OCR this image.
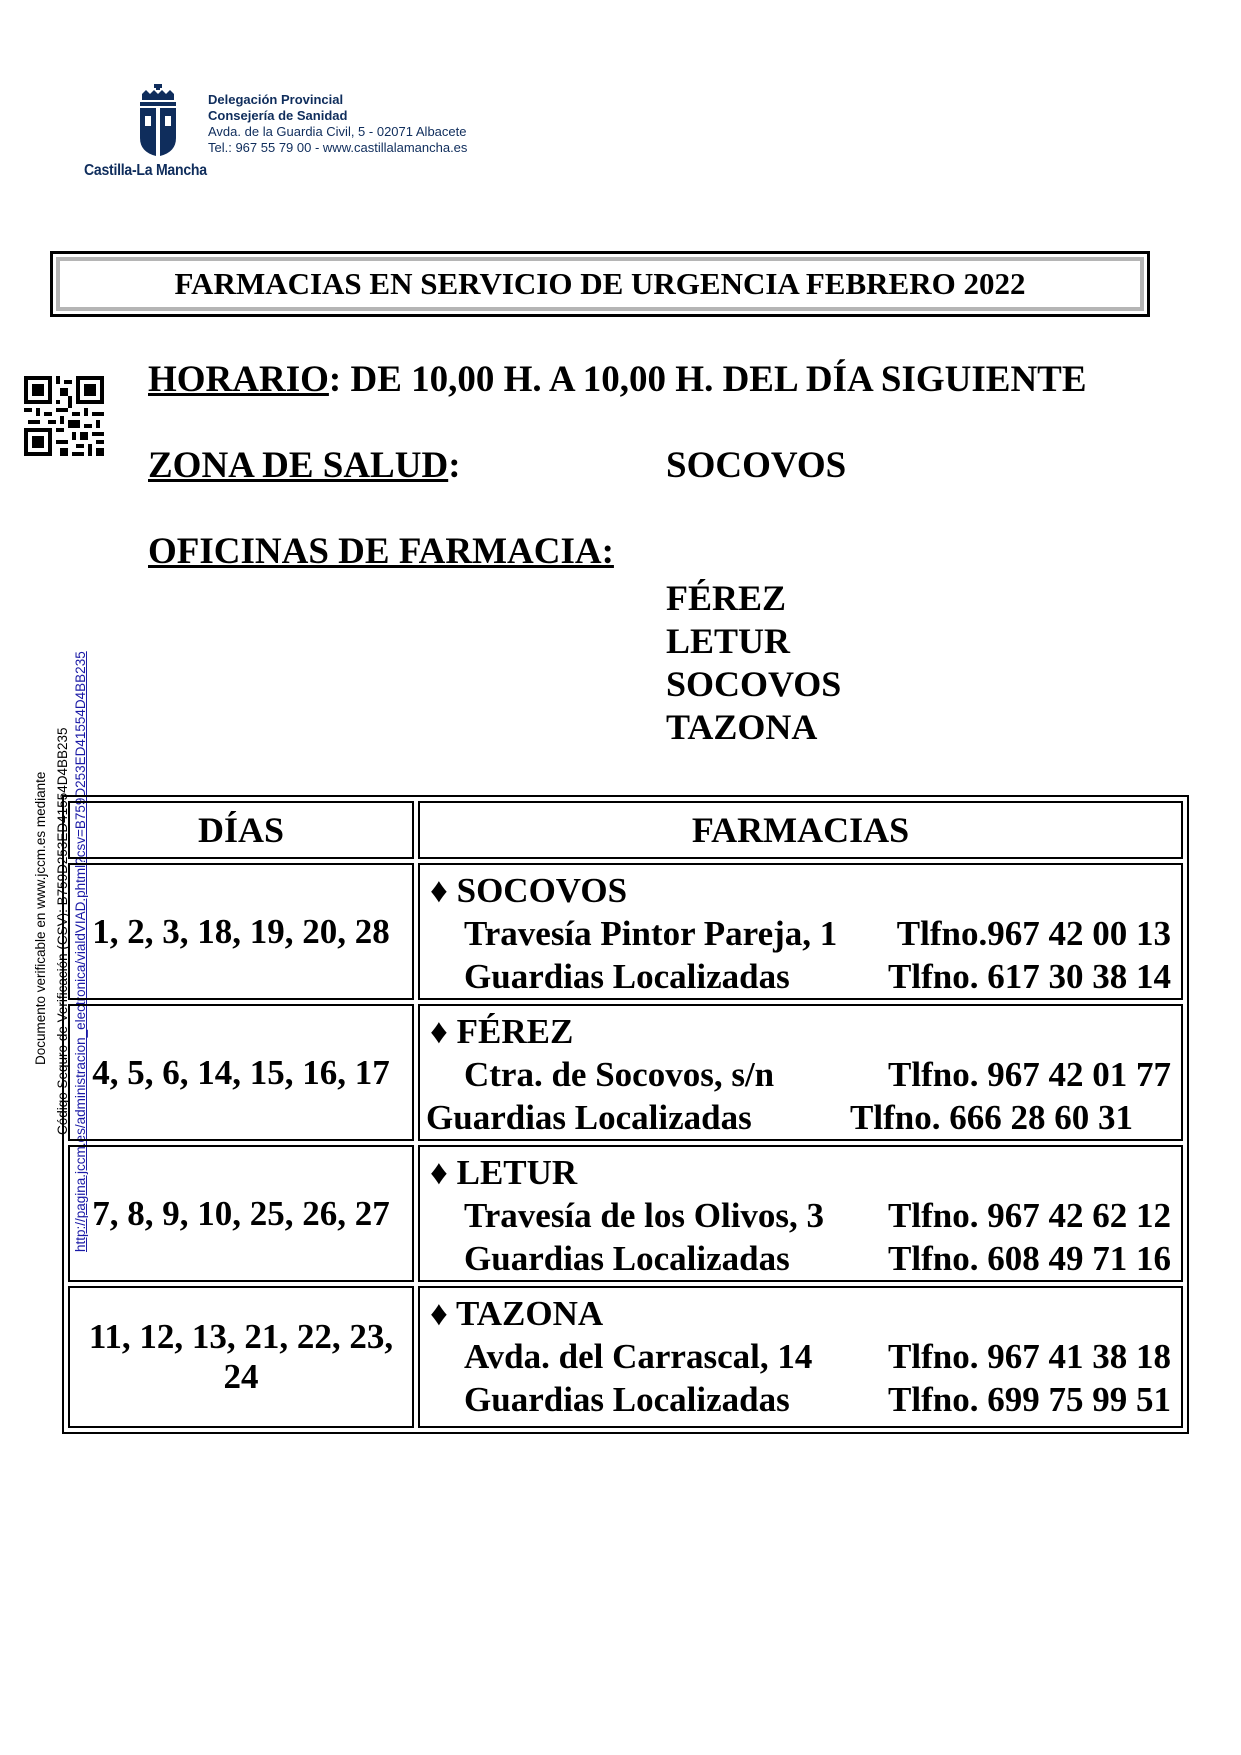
Castilla-La Mancha
Delegación Provincial
Consejería de Sanidad
Avda. de la Guardia Civil, 5 - 02071 Albacete
Tel.: 967 55 79 00 - www.castillalamancha.es
FARMACIAS EN SERVICIO DE URGENCIA FEBRERO 2022
Documento verificable en www.jccm.es mediante Código Seguro de Verificación (CSV): B759D253ED41554D4BB235 http://pagina.jccm.es/administracion_electronica/vialdVIAD.phtml?csv=B759D253ED41554D4BB235
HORARIO: DE 10,00 H. A 10,00 H. DEL DÍA SIGUIENTE
ZONA DE SALUD:	SOCOVOS
OFICINAS DE FARMACIA:
FÉREZ
LETUR
SOCOVOS
TAZONA
DÍAS	FARMACIAS
1, 2, 3, 18, 19, 20, 28
♦ SOCOVOS
Travesía Pintor Pareja, 1 Tlfno.967 42 00 13
Guardias Localizadas	Tlfno. 617 30 38 14
4, 5, 6, 14, 15, 16, 17
♦ FÉREZ
Ctra. de Socovos, s/n	Tlfno. 967 42 01 77
Guardias Localizadas	Tlfno. 666 28 60 31
7, 8, 9, 10, 25, 26, 27
♦ LETUR
Travesía de los Olivos, 3 Tlfno. 967 42 62 12
Guardias Localizadas	Tlfno. 608 49 71 16
11, 12, 13, 21, 22, 23,
24
♦ TAZONA
Avda. del Carrascal, 14 Tlfno. 967 41 38 18
Guardias Localizadas	Tlfno. 699 75 99 51
